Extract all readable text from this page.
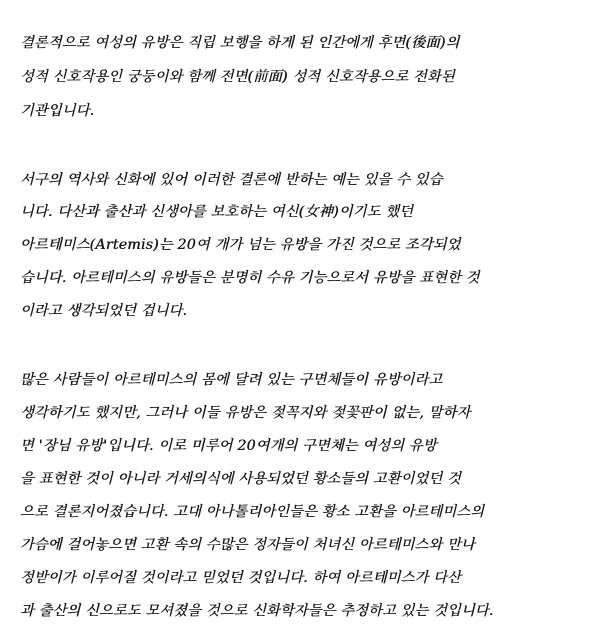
결론적으로 여성의 유방은 직립 보행을 하게 된 인간에게 후면(後面)의
성적 신호작용인 궁둥이와 함께 전면(前面) 성적 신호작용으로 전화된
기관입니다.
서구의 역사와 신화에 있어 이러한 결론에 반하는 예는 있을 수 있습
니다. 다산과 출산과 신생아를 보호하는 여신(女神)이기도 했던
아르테미스(Artemis)는 20여 개가 넘는 유방을 가진 것으로 조각되었
습니다. 아르테미스의 유방들은 분명히 수유 기능으로서 유방을 표현한 것
이라고 생각되었던 겁니다.
많은 사람들이 아르테미스의 몸에 달려 있는 구면체들이 유방이라고
생각하기도 했지만, 그러나 이들 유방은 젖꼭지와 젖꽃판이 없는, 말하자
면 '장님 유방'입니다. 이로 미루어 20여개의 구면체는 여성의 유방
을 표현한 것이 아니라 거세의식에 사용되었던 황소들의 고환이었던 것
으로 결론지어졌습니다. 고대 아나톨리아인들은 황소 고환을 아르테미스의
가슴에 걸어놓으면 고환 속의 수많은 정자들이 처녀신 아르테미스와 만나
정받이가 이루어질 것이라고 믿었던 것입니다. 하여 아르테미스가 다산
과 출산의 신으로도 모셔졌을 것으로 신화학자들은 추정하고 있는 것입니다.
